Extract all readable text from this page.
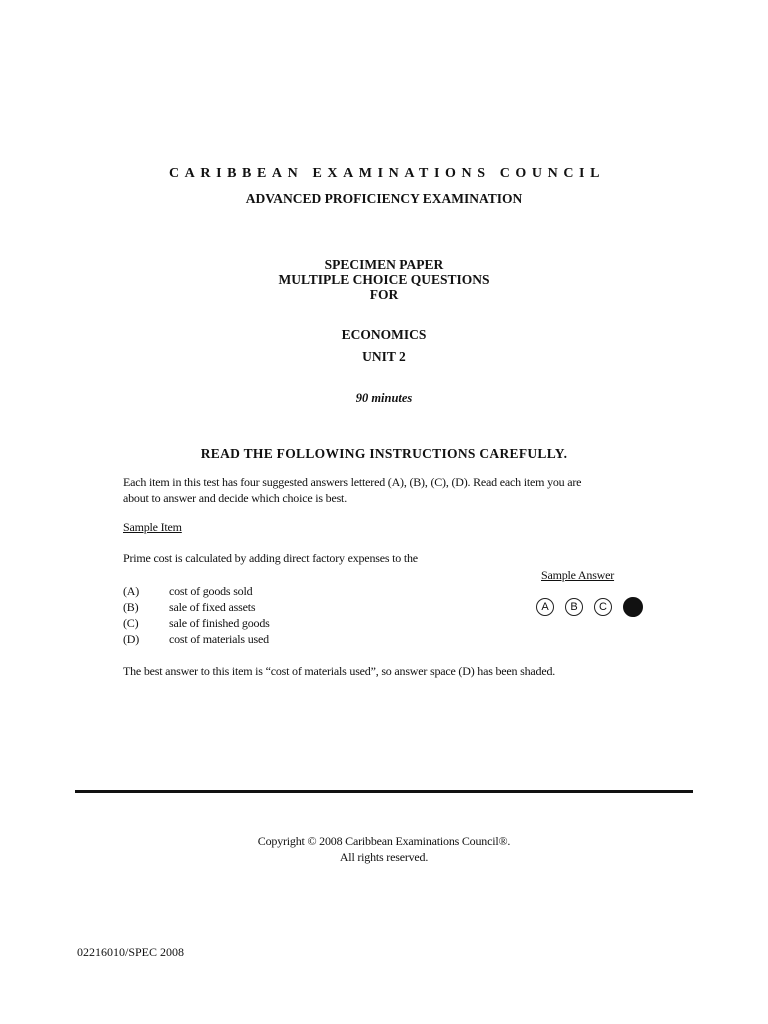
CARIBBEAN EXAMINATIONS COUNCIL
ADVANCED PROFICIENCY EXAMINATION
SPECIMEN PAPER
MULTIPLE CHOICE QUESTIONS
FOR
ECONOMICS
UNIT 2
90 minutes
READ THE FOLLOWING INSTRUCTIONS CAREFULLY.
Each item in this test has four suggested answers lettered (A), (B), (C), (D). Read each item you are
about to answer and decide which choice is best.
Sample Item
Prime cost is calculated by adding direct factory expenses to the
Sample Answer
(A)	cost of goods sold
(B)	sale of fixed assets
(C)	sale of finished goods
(D)	cost of materials used
A	B	C
The best answer to this item is “cost of materials used”, so answer space (D) has been shaded.
Copyright © 2008 Caribbean Examinations Council®.
All rights reserved.
02216010/SPEC 2008
